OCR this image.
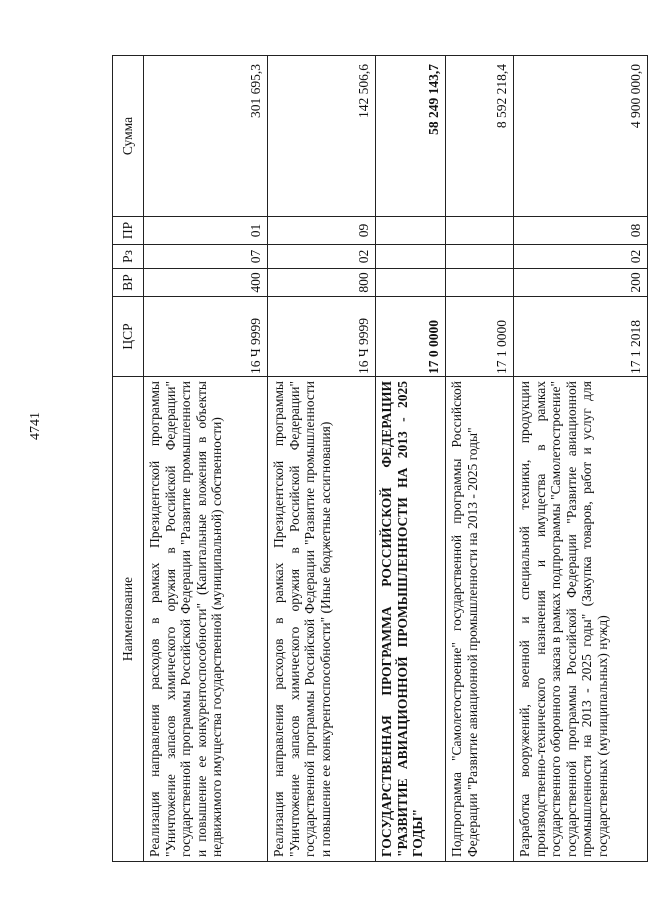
4741
Наименование	ЦСР	ВР	Рз	ПР	Сумма
Реализация направления расходов в рамках Президентской программы "Уничтожение запасов химического оружия в Российской Федерации" государственной программы Российской Федерации "Развитие промышленности и повышение ее конкурентоспособности" (Капитальные вложения в объекты недвижимого имущества государственной (муниципальной) собственности)	16 Ч 9999	400	07	01	301 695,3
Реализация направления расходов в рамках Президентской программы "Уничтожение запасов химического оружия в Российской Федерации" государственной программы Российской Федерации "Развитие промышленности и повышение ее конкурентоспособности" (Иные бюджетные ассигнования)	16 Ч 9999	800	02	09	142 506,6
ГОСУДАРСТВЕННАЯ ПРОГРАММА РОССИЙСКОЙ ФЕДЕРАЦИИ "РАЗВИТИЕ АВИАЦИОННОЙ ПРОМЫШЛЕННОСТИ НА 2013 - 2025 ГОДЫ"	17 0 0000				58 249 143,7
Подпрограмма "Самолетостроение" государственной программы Российской Федерации "Развитие авиационной промышленности на 2013 - 2025 годы"	17 1 0000				8 592 218,4
Разработка вооружений, военной и специальной техники, продукции производственно-технического назначения и имущества в рамках государственного оборонного заказа в рамках подпрограммы "Самолетостроение" государственной программы Российской Федерации "Развитие авиационной промышленности на 2013 - 2025 годы" (Закупка товаров, работ и услуг для государственных (муниципальных) нужд)	17 1 2018	200	02	08	4 900 000,0
